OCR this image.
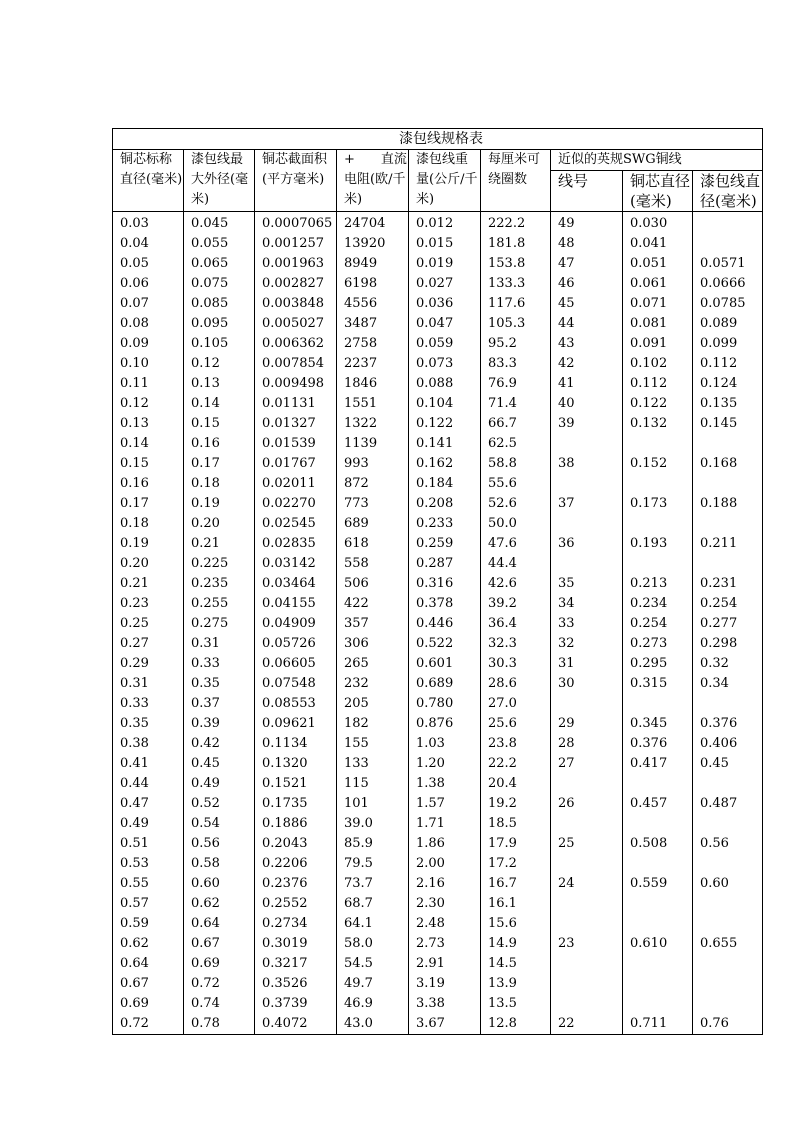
漆包线规格表								
铜芯标称直径(毫米)	漆包线最大外径(毫米)	铜芯截面积(平方毫米)	+　　直流电阻(欧/千米)	漆包线重量(公斤/千米)	每厘米可绕圈数	近似的英规SWG铜线		
						线号	铜芯直径(毫米)	漆包线直径(毫米)
0.03	0.045	0.0007065	24704	0.012	222.2	49	0.030	
0.04	0.055	0.001257	13920	0.015	181.8	48	0.041	
0.05	0.065	0.001963	8949	0.019	153.8	47	0.051	0.0571
0.06	0.075	0.002827	6198	0.027	133.3	46	0.061	0.0666
0.07	0.085	0.003848	4556	0.036	117.6	45	0.071	0.0785
0.08	0.095	0.005027	3487	0.047	105.3	44	0.081	0.089
0.09	0.105	0.006362	2758	0.059	95.2	43	0.091	0.099
0.10	0.12	0.007854	2237	0.073	83.3	42	0.102	0.112
0.11	0.13	0.009498	1846	0.088	76.9	41	0.112	0.124
0.12	0.14	0.01131	1551	0.104	71.4	40	0.122	0.135
0.13	0.15	0.01327	1322	0.122	66.7	39	0.132	0.145
0.14	0.16	0.01539	1139	0.141	62.5			
0.15	0.17	0.01767	993	0.162	58.8	38	0.152	0.168
0.16	0.18	0.02011	872	0.184	55.6			
0.17	0.19	0.02270	773	0.208	52.6	37	0.173	0.188
0.18	0.20	0.02545	689	0.233	50.0			
0.19	0.21	0.02835	618	0.259	47.6	36	0.193	0.211
0.20	0.225	0.03142	558	0.287	44.4			
0.21	0.235	0.03464	506	0.316	42.6	35	0.213	0.231
0.23	0.255	0.04155	422	0.378	39.2	34	0.234	0.254
0.25	0.275	0.04909	357	0.446	36.4	33	0.254	0.277
0.27	0.31	0.05726	306	0.522	32.3	32	0.273	0.298
0.29	0.33	0.06605	265	0.601	30.3	31	0.295	0.32
0.31	0.35	0.07548	232	0.689	28.6	30	0.315	0.34
0.33	0.37	0.08553	205	0.780	27.0			
0.35	0.39	0.09621	182	0.876	25.6	29	0.345	0.376
0.38	0.42	0.1134	155	1.03	23.8	28	0.376	0.406
0.41	0.45	0.1320	133	1.20	22.2	27	0.417	0.45
0.44	0.49	0.1521	115	1.38	20.4			
0.47	0.52	0.1735	101	1.57	19.2	26	0.457	0.487
0.49	0.54	0.1886	39.0	1.71	18.5			
0.51	0.56	0.2043	85.9	1.86	17.9	25	0.508	0.56
0.53	0.58	0.2206	79.5	2.00	17.2			
0.55	0.60	0.2376	73.7	2.16	16.7	24	0.559	0.60
0.57	0.62	0.2552	68.7	2.30	16.1			
0.59	0.64	0.2734	64.1	2.48	15.6			
0.62	0.67	0.3019	58.0	2.73	14.9	23	0.610	0.655
0.64	0.69	0.3217	54.5	2.91	14.5			
0.67	0.72	0.3526	49.7	3.19	13.9			
0.69	0.74	0.3739	46.9	3.38	13.5			
0.72	0.78	0.4072	43.0	3.67	12.8	22	0.711	0.76
